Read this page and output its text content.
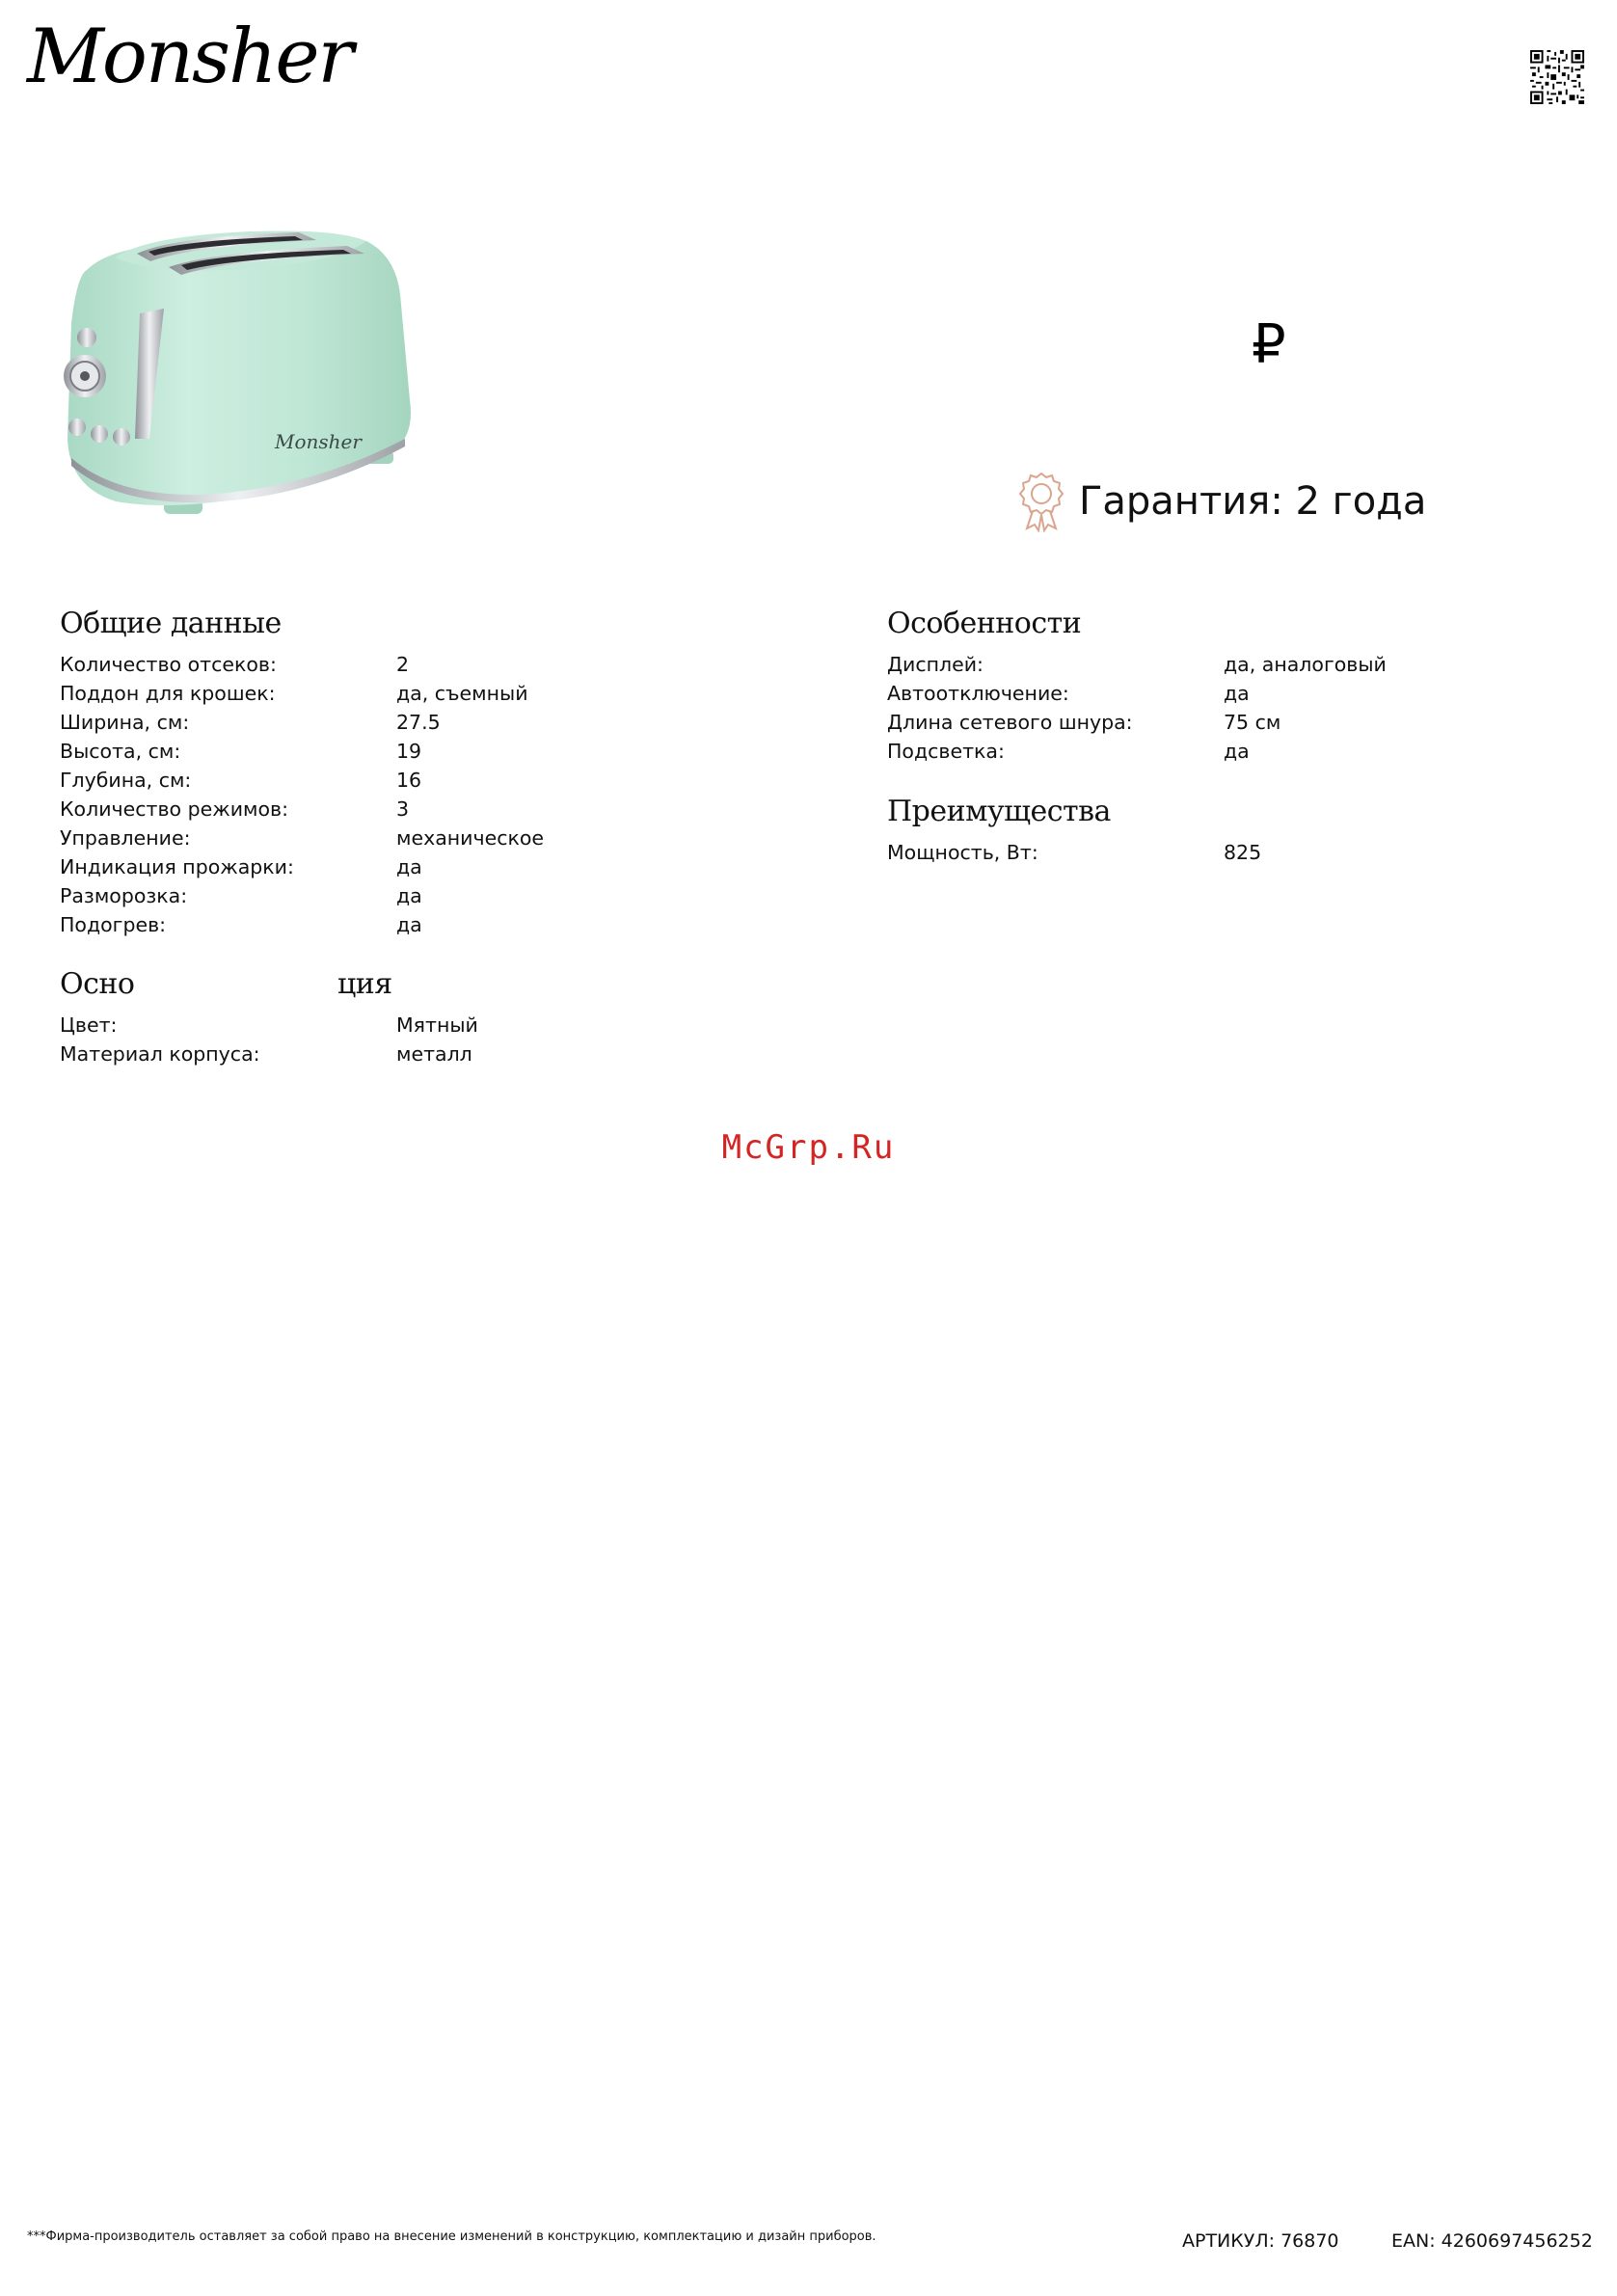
Monsher
Monsher
₽
Гарантия: 2 года
Общие данные
Количество отсеков:	2
Поддон для крошек:	да, съемный
Ширина, см:	27.5
Высота, см:	19
Глубина, см:	16
Количество режимов:	3
Управление:	механическое
Индикация прожарки:	да
Разморозка:	да
Подогрев:	да
Осно	ция
Цвет:	Мятный
Материал корпуса:	металл
Особенности
Дисплей:	да, аналоговый
Автоотключение:	да
Длина сетевого шнура:	75 см
Подсветка:	да
Преимущества
Мощность, Вт:	825
McGrp.Ru
***Фирма-производитель оставляет за собой право на внесение изменений в конструкцию, комплектацию и дизайн приборов.	АРТИКУЛ: 76870	EAN: 4260697456252
